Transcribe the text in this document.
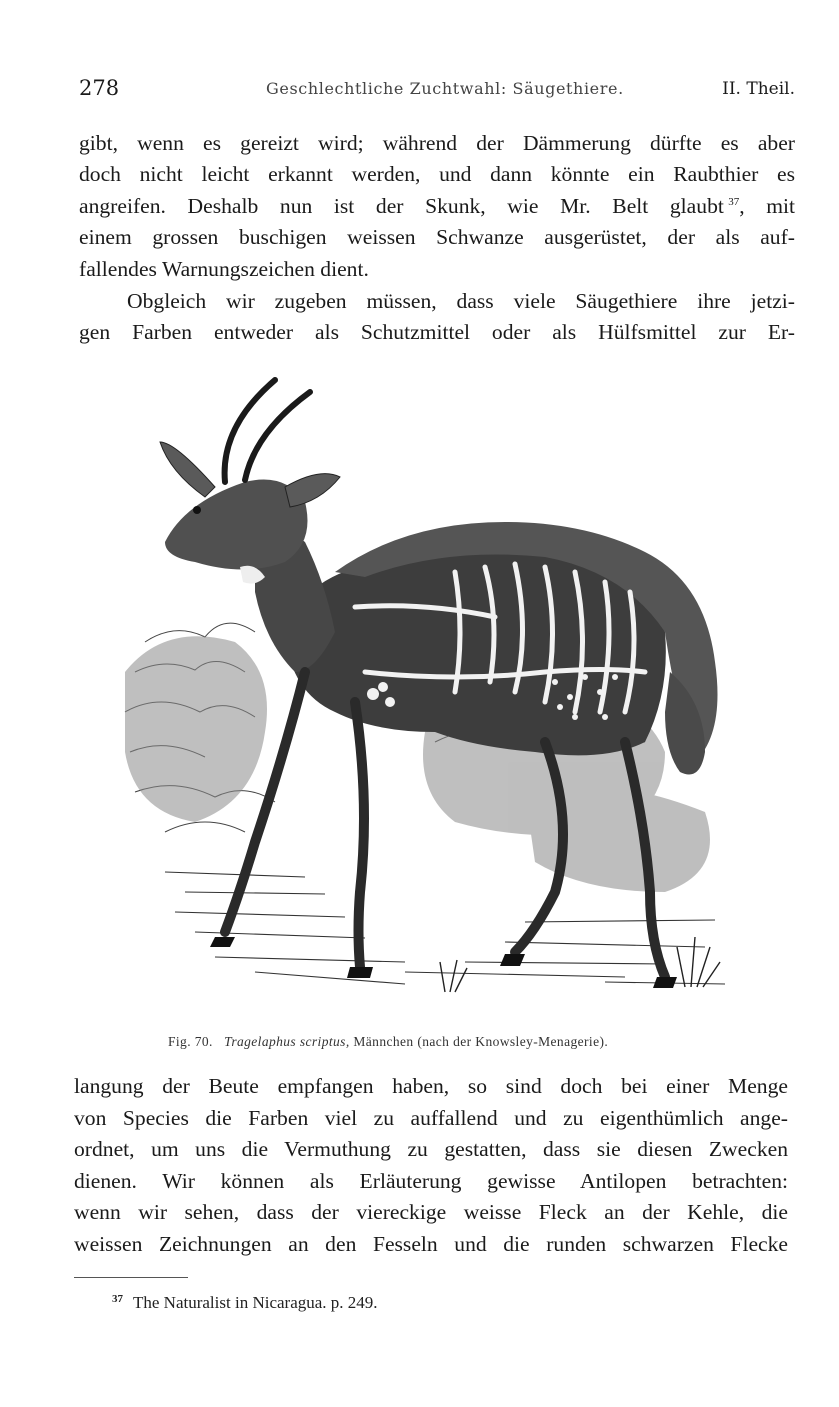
278	Geschlechtliche Zuchtwahl: Säugethiere.	II. Theil.

gibt, wenn es gereizt wird; während der Dämmerung dürfte es aber
doch nicht leicht erkannt werden, und dann könnte ein Raubthier es
angreifen. Deshalb nun ist der Skunk, wie Mr. Belt glaubt  $^{37}$, mit
einem grossen buschigen weissen Schwanze ausgerüstet, der als auf-
fallendes Warnungszeichen dient.

Obgleich wir zugeben müssen, dass viele Säugethiere ihre jetzi-
gen Farben entweder als Schutzmittel oder als Hülfsmittel zur Er-

Fig. 70. Tragelaphus scriptus, Männchen (nach der Knowsley-Menagerie).

langung der Beute empfangen haben, so sind doch bei einer Menge
von Species die Farben viel zu auffallend und zu eigenthümlich ange-
ordnet, um uns die Vermuthung zu gestatten, dass sie diesen Zwecken
dienen. Wir können als Erläuterung gewisse Antilopen betrachten:
wenn wir sehen, dass der viereckige weisse Fleck an der Kehle, die
weissen Zeichnungen an den Fesseln und die runden schwarzen Flecke

$^{37}$ The Naturalist in Nicaragua. p. 249.
